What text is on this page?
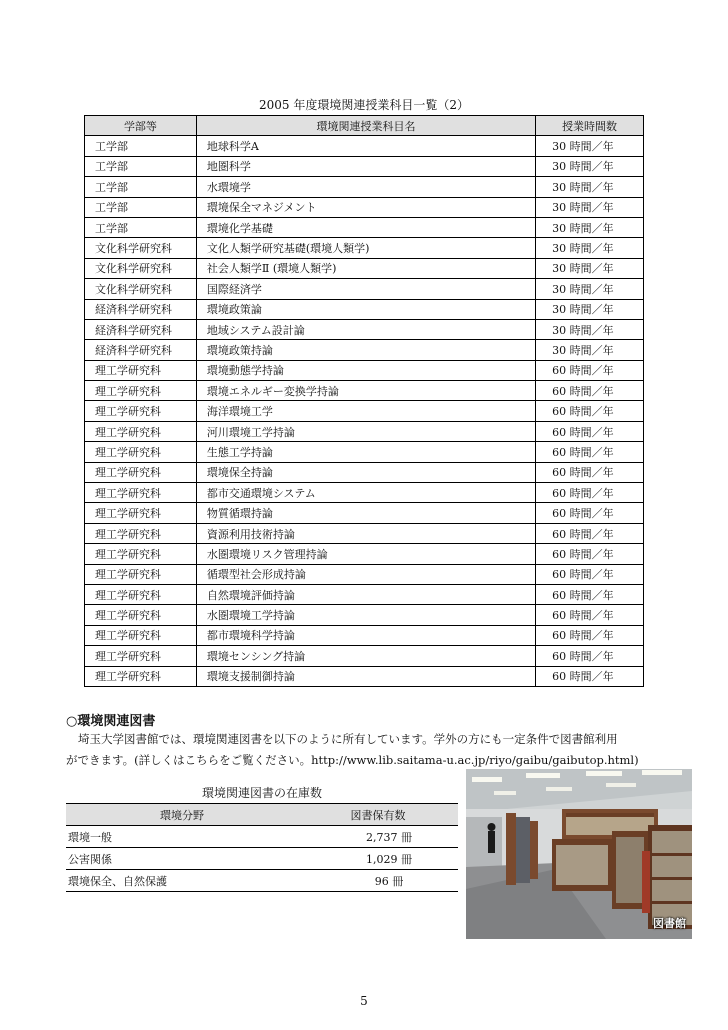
2005 年度環境関連授業科目一覧（2）
学部等	環境関連授業科目名	授業時間数
工学部	地球科学A	30 時間／年
工学部	地圏科学	30 時間／年
工学部	水環境学	30 時間／年
工学部	環境保全マネジメント	30 時間／年
工学部	環境化学基礎	30 時間／年
文化科学研究科	文化人類学研究基礎(環境人類学)	30 時間／年
文化科学研究科	社会人類学Ⅱ (環境人類学)	30 時間／年
文化科学研究科	国際経済学	30 時間／年
経済科学研究科	環境政策論	30 時間／年
経済科学研究科	地域システム設計論	30 時間／年
経済科学研究科	環境政策持論	30 時間／年
理工学研究科	環境動態学持論	60 時間／年
理工学研究科	環境エネルギー変換学持論	60 時間／年
理工学研究科	海洋環境工学	60 時間／年
理工学研究科	河川環境工学持論	60 時間／年
理工学研究科	生態工学持論	60 時間／年
理工学研究科	環境保全持論	60 時間／年
理工学研究科	都市交通環境システム	60 時間／年
理工学研究科	物質循環持論	60 時間／年
理工学研究科	資源利用技術持論	60 時間／年
理工学研究科	水圏環境リスク管理持論	60 時間／年
理工学研究科	循環型社会形成持論	60 時間／年
理工学研究科	自然環境評価持論	60 時間／年
理工学研究科	水圏環境工学持論	60 時間／年
理工学研究科	都市環境科学持論	60 時間／年
理工学研究科	環境センシング持論	60 時間／年
理工学研究科	環境支援制御持論	60 時間／年
○環境関連図書
埼玉大学図書館では、環境関連図書を以下のように所有しています。学外の方にも一定条件で図書館利用
ができます。(詳しくはこちらをご覧ください。http://www.lib.saitama-u.ac.jp/riyo/gaibu/gaibutop.html)
環境関連図書の在庫数
環境分野	図書保有数
環境一般	2,737 冊
公害関係	1,029 冊
環境保全、自然保護	96 冊
図書館
5
